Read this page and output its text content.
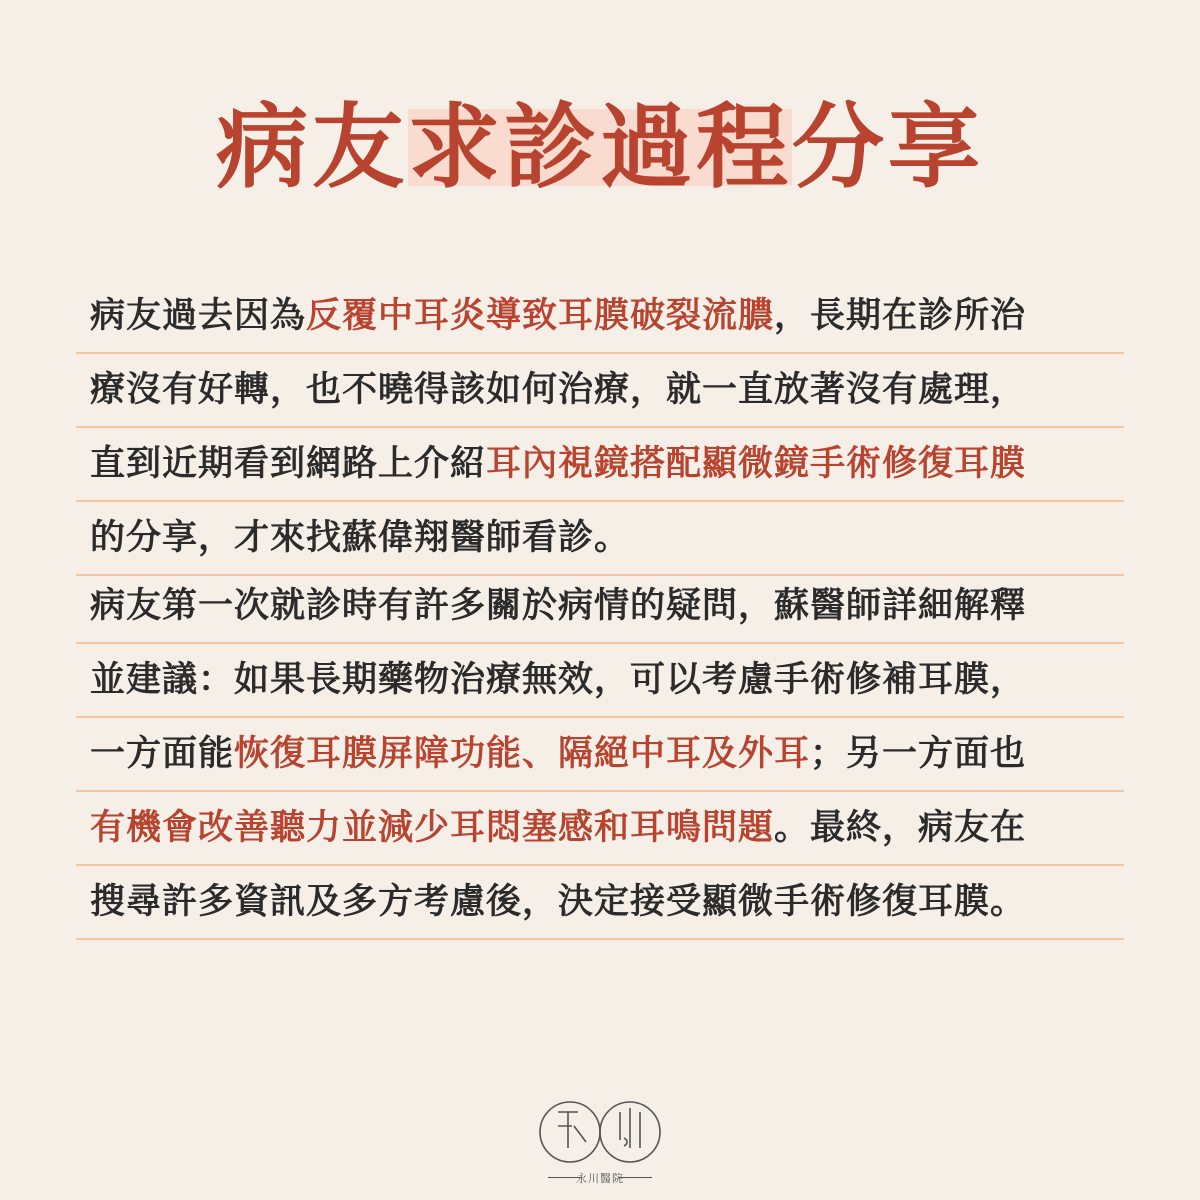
病友求診過程分享
病友過去因為反覆中耳炎導致耳膜破裂流膿，長期在診所治
療沒有好轉，也不曉得該如何治療，就一直放著沒有處理，
直到近期看到網路上介紹耳內視鏡搭配顯微鏡手術修復耳膜
的分享，才來找蘇偉翔醫師看診。
病友第一次就診時有許多關於病情的疑問，蘇醫師詳細解釋
並建議：如果長期藥物治療無效，可以考慮手術修補耳膜，
一方面能恢復耳膜屏障功能、隔絕中耳及外耳；另一方面也
有機會改善聽力並減少耳悶塞感和耳鳴問題。最終，病友在
搜尋許多資訊及多方考慮後，決定接受顯微手術修復耳膜。
永川醫院
